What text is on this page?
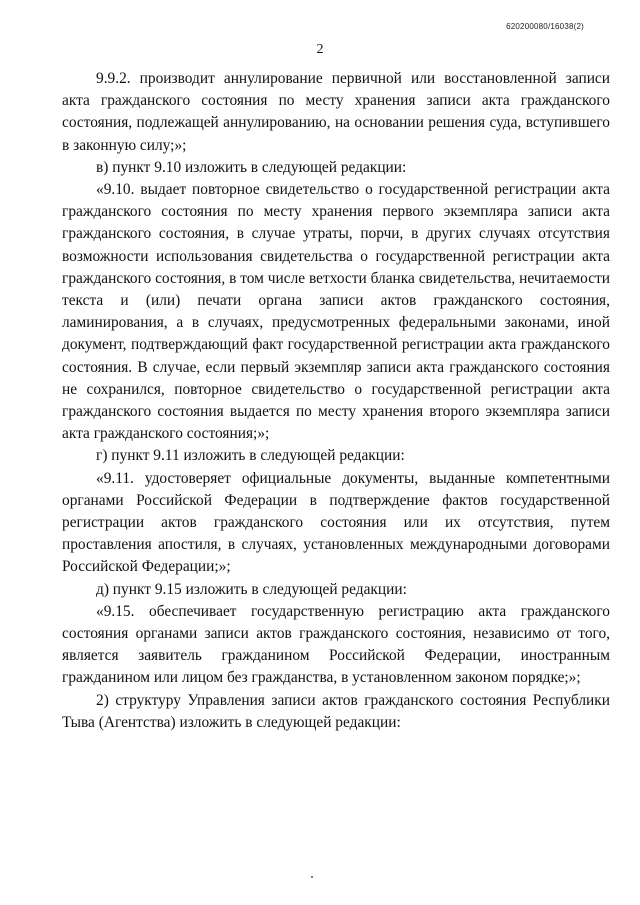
620200080/16038(2)
2

9.9.2. производит аннулирование первичной или восстановленной записи акта гражданского состояния по месту хранения записи акта гражданского состояния, подлежащей аннулированию, на основании решения суда, вступившего в законную силу;»;

в) пункт 9.10 изложить в следующей редакции:

«9.10. выдает повторное свидетельство о государственной регистрации акта гражданского состояния по месту хранения первого экземпляра записи акта гражданского состояния, в случае утраты, порчи, в других случаях отсутствия возможности использования свидетельства о государственной регистрации акта гражданского состояния, в том числе ветхости бланка свидетельства, нечитаемости текста и (или) печати органа записи актов гражданского состояния, ламинирования, а в случаях, предусмотренных федеральными законами, иной документ, подтверждающий факт государственной регистрации акта гражданского состояния. В случае, если первый экземпляр записи акта гражданского состояния не сохранился, повторное свидетельство о государственной регистрации акта гражданского состояния выдается по месту хранения второго экземпляра записи акта гражданского состояния;»;

г) пункт 9.11 изложить в следующей редакции:

«9.11. удостоверяет официальные документы, выданные компетентными органами Российской Федерации в подтверждение фактов государственной регистрации актов гражданского состояния или их отсутствия, путем проставления апостиля, в случаях, установленных международными договорами Российской Федерации;»;

д) пункт 9.15 изложить в следующей редакции:

«9.15. обеспечивает государственную регистрацию акта гражданского состояния органами записи актов гражданского состояния, независимо от того, является заявитель гражданином Российской Федерации, иностранным гражданином или лицом без гражданства, в установленном законом порядке;»;

2) структуру Управления записи актов гражданского состояния Республики Тыва (Агентства) изложить в следующей редакции:
